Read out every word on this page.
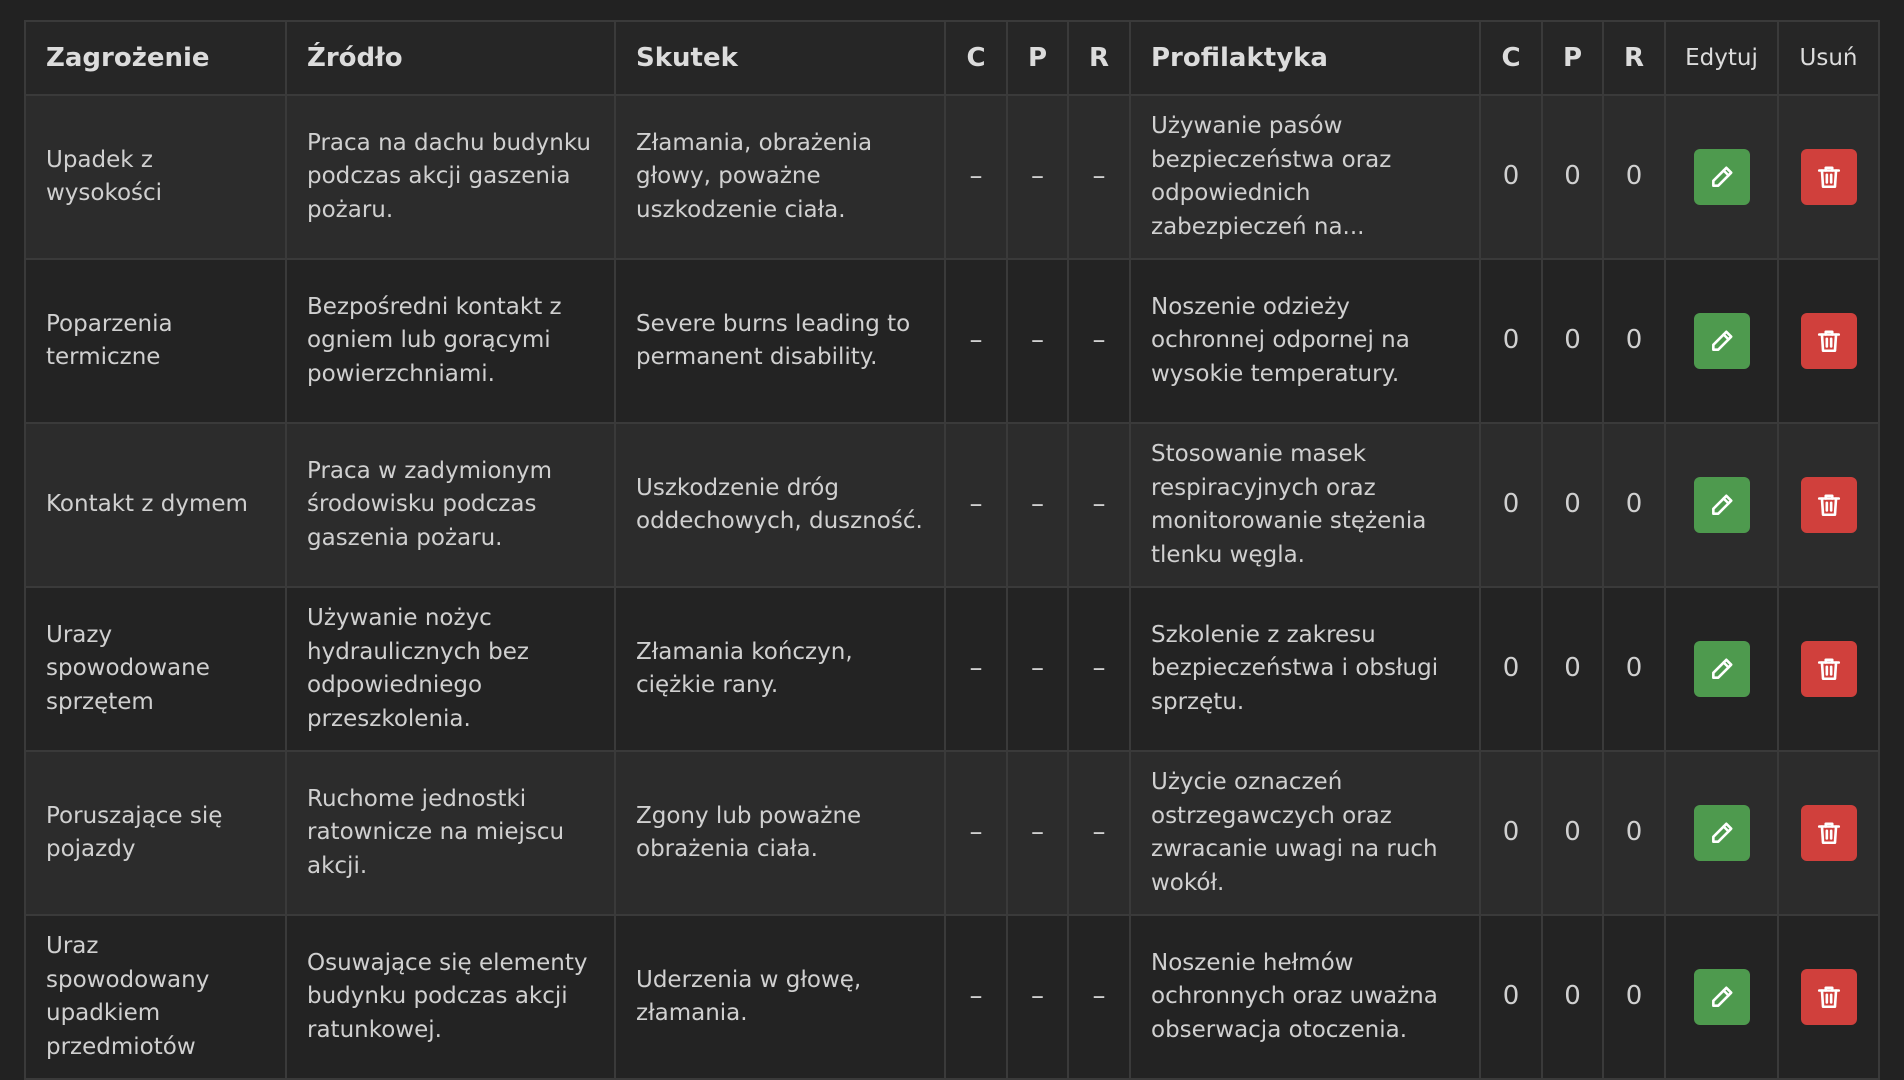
Zagrożenie	Źródło	Skutek	C	P	R	Profilaktyka	C	P	R	Edytuj	Usuń
Upadek z wysokości	Praca na dachu budynku podczas akcji gaszenia pożaru.	Złamania, obrażenia głowy, poważne uszkodzenie ciała.	–	–	–	Używanie pasów bezpieczeństwa oraz odpowiednich zabezpieczeń na...	0	0	0		
Poparzenia termiczne	Bezpośredni kontakt z ogniem lub gorącymi powierzchniami.	Severe burns leading to permanent disability.	–	–	–	Noszenie odzieży ochronnej odpornej na wysokie temperatury.	0	0	0		
Kontakt z dymem	Praca w zadymionym środowisku podczas gaszenia pożaru.	Uszkodzenie dróg oddechowych, duszność.	–	–	–	Stosowanie masek respiracyjnych oraz monitorowanie stężenia tlenku węgla.	0	0	0		
Urazy spowodowane sprzętem	Używanie nożyc hydraulicznych bez odpowiedniego przeszkolenia.	Złamania kończyn, ciężkie rany.	–	–	–	Szkolenie z zakresu bezpieczeństwa i obsługi sprzętu.	0	0	0		
Poruszające się pojazdy	Ruchome jednostki ratownicze na miejscu akcji.	Zgony lub poważne obrażenia ciała.	–	–	–	Użycie oznaczeń ostrzegawczych oraz zwracanie uwagi na ruch wokół.	0	0	0		
Uraz spowodowany upadkiem przedmiotów	Osuwające się elementy budynku podczas akcji ratunkowej.	Uderzenia w głowę, złamania.	–	–	–	Noszenie hełmów ochronnych oraz uważna obserwacja otoczenia.	0	0	0		
